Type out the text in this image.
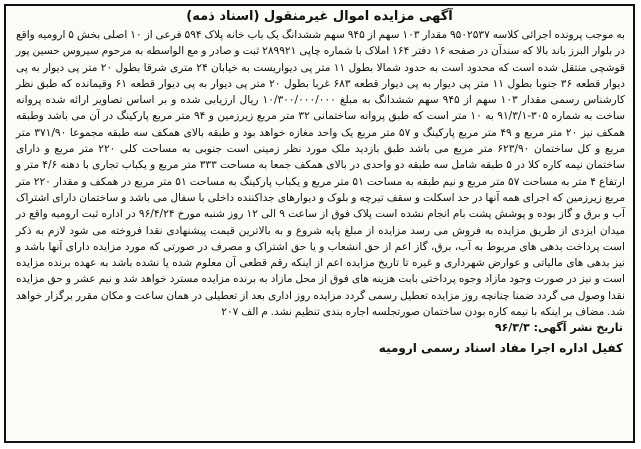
آگهی مزایده اموال غیرمنقول (اسناد ذمه)

به موجب پرونده اجرائی کلاسه ۹۵۰۲۵۳۷ مقدار ۱۰۳ سهم از ۹۴۵ سهم ششدانگ یک باب خانه پلاک ۵۹۴ فرعی از ۱۰ اصلی بخش ۵ ارومیه واقع در بلوار البرز باند بالا که سندآن در صفحه ۱۶ دفتر ۱۶۴ املاک با شماره چاپی ۲۸۹۹۲۱ ثبت و صادر و مع الواسطه به مرحوم سیروس حسین پور قوشچی منتقل شده است که محدود است به حدود شمالا بطول ۱۱ متر پی دیواریست به خیابان ۲۴ متری شرقا بطول ۲۰ متر پی دیوار به پی دیوار قطعه ۳۶ جنوبا بطول ۱۱ متر پی دیوار به پی دیوار قطعه ۶۸۳ غربا بطول ۲۰ متر پی دیوار به پی دیوار قطعه ۶۱ وقیمانده که طبق نظر کارشناس رسمی مقدار ۱۰۳ سهم از ۹۴۵ سهم ششدانگ به مبلغ ۱۰/۳۰۰/۰۰۰/۰۰۰ ریال ارزیابی شده و بر اساس تصاویر ارائه شده پروانه ساخت به شماره ۳۰۵-۹۱/۳/۱ به ۱۰ متر است که طبق پروانه ساختمانی ۳۲ متر مربع زیرزمین و ۹۴ متر مربع پارکینگ در آن می باشد وطبقه همکف نیز ۲۰ متر مربع و ۴۹ متر مربع پارکینگ و ۵۷ متر مربع یک واحد مغازه خواهد بود و طبقه بالای همکف سه طبقه مجموعا ۳۷۱/۹۰ متر مربع و کل ساختمان ۶۲۳/۹۰ متر مربع می باشد طبق بازدید ملک مورد نظر زمینی است جنوبی به مساحت کلی ۲۲۰ متر مربع و دارای ساختمان نیمه کاره کلا در ۵ طبقه شامل سه طبقه دو واحدی در بالای همکف جمعا به مساحت ۳۳۳ متر مربع و یکباب تجاری با دهنه ۴/۶ متر و ارتفاع ۴ متر به مساحت ۵۷ متر مربع و نیم طبقه به مساحت ۵۱ متر مربع و یکباب پارکینگ به مساحت ۵۱ متر مربع در همکف و مقدار ۲۲۰ متر مربع زیرزمین که اجرای همه آنها در حد اسکلت و سقف تیرچه و بلوک و دیوارهای جداکننده داخلی با سفال می باشد و ساختمان دارای اشتراک آب و برق و گاز بوده و پوشش پشت بام انجام نشده است پلاک فوق از ساعت ۹ الی ۱۲ روز شنبه مورخ ۹۶/۴/۲۴ در اداره ثبت ارومیه واقع در میدان ایزدی از طریق مزایده به فروش می رسد مزایده از مبلغ پایه شروع و به بالاترین قیمت پیشنهادی نقدا فروخته می شود لازم به ذکر است پرداخت بدهی های مربوط به آب، برق، گاز اعم از حق انشعاب و یا حق اشتراک و مصرف در صورتی که مورد مزایده دارای آنها باشد و نیز بدهی های مالیاتی و عوارض شهرداری و غیره تا تاریخ مزایده اعم از اینکه رقم قطعی آن معلوم شده یا نشده باشد به عهده برنده مزایده است و نیز در صورت وجود مازاد وجوه پرداختی بابت هزینه های فوق از محل مازاد به برنده مزایده مسترد خواهد شد و نیم عشر و حق مزایده نقدا وصول می گردد ضمنا چنانچه روز مزایده تعطیل رسمی گردد مزایده روز اداری بعد از تعطیلی در همان ساعت و مکان مقرر برگزار خواهد شد. مضاف بر اینکه با نیمه کاره بودن ساختمان صورتجلسه اجاره بندی تنظیم نشد. م الف ۲۰۷

تاریخ نشر آگهی: ۹۶/۳/۳
کفیل اداره اجرا مفاد اسناد رسمی ارومیه
